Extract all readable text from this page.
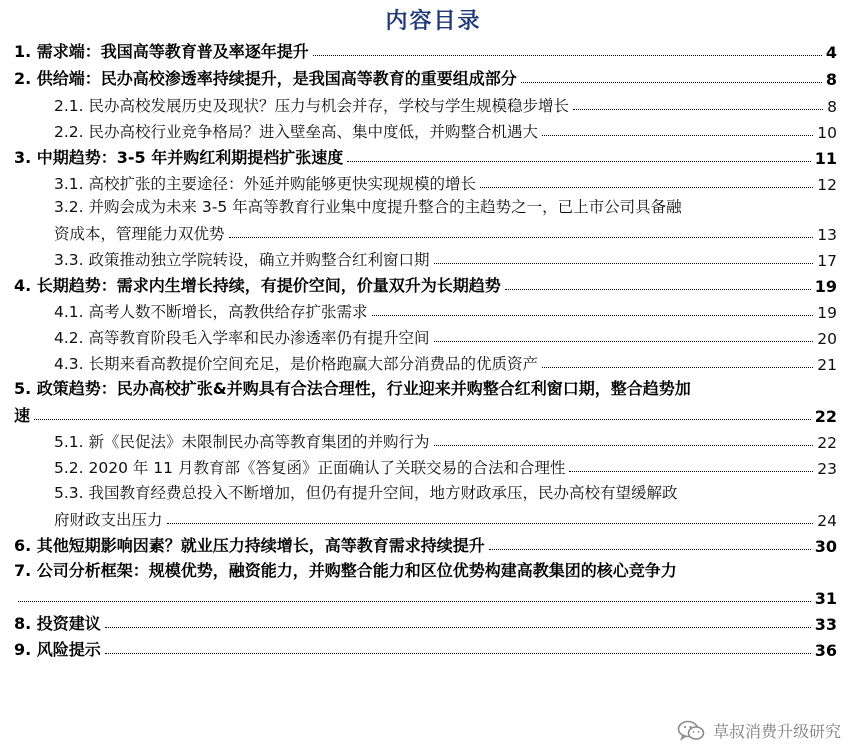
内容目录
1. 需求端：我国高等教育普及率逐年提升	4
2. 供给端：民办高校渗透率持续提升，是我国高等教育的重要组成部分	8
2.1. 民办高校发展历史及现状？压力与机会并存，学校与学生规模稳步增长	8
2.2. 民办高校行业竞争格局？进入壁垒高、集中度低，并购整合机遇大	10
3. 中期趋势：3-5 年并购红利期提档扩张速度	11
3.1. 高校扩张的主要途径：外延并购能够更快实现规模的增长	12
3.2. 并购会成为未来 3-5 年高等教育行业集中度提升整合的主趋势之一，已上市公司具备融
资成本，管理能力双优势	13
3.3. 政策推动独立学院转设，确立并购整合红利窗口期	17
4. 长期趋势：需求内生增长持续，有提价空间，价量双升为长期趋势	19
4.1. 高考人数不断增长，高教供给存扩张需求	19
4.2. 高等教育阶段毛入学率和民办渗透率仍有提升空间	20
4.3. 长期来看高教提价空间充足，是价格跑赢大部分消费品的优质资产	21
5. 政策趋势：民办高校扩张&并购具有合法合理性，行业迎来并购整合红利窗口期，整合趋势加
速	22
5.1. 新《民促法》未限制民办高等教育集团的并购行为	22
5.2. 2020 年 11 月教育部《答复函》正面确认了关联交易的合法和合理性	23
5.3. 我国教育经费总投入不断增加，但仍有提升空间，地方财政承压，民办高校有望缓解政
府财政支出压力	24
6. 其他短期影响因素？就业压力持续增长，高等教育需求持续提升	30
7. 公司分析框架：规模优势，融资能力，并购整合能力和区位优势构建高教集团的核心竞争力
31
8. 投资建议	33
9. 风险提示	36
草叔消费升级研究
